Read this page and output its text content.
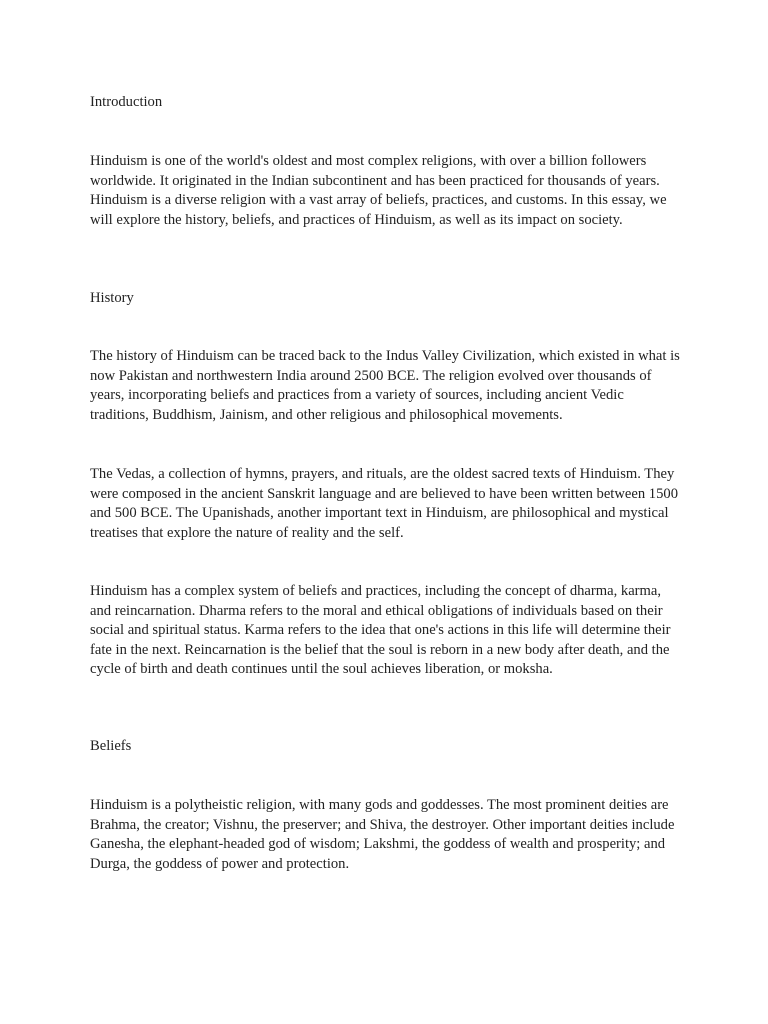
Introduction

Hinduism is one of the world's oldest and most complex religions, with over a billion followers worldwide. It originated in the Indian subcontinent and has been practiced for thousands of years. Hinduism is a diverse religion with a vast array of beliefs, practices, and customs. In this essay, we will explore the history, beliefs, and practices of Hinduism, as well as its impact on society.

History

The history of Hinduism can be traced back to the Indus Valley Civilization, which existed in what is now Pakistan and northwestern India around 2500 BCE. The religion evolved over thousands of years, incorporating beliefs and practices from a variety of sources, including ancient Vedic traditions, Buddhism, Jainism, and other religious and philosophical movements.

The Vedas, a collection of hymns, prayers, and rituals, are the oldest sacred texts of Hinduism. They were composed in the ancient Sanskrit language and are believed to have been written between 1500 and 500 BCE. The Upanishads, another important text in Hinduism, are philosophical and mystical treatises that explore the nature of reality and the self.

Hinduism has a complex system of beliefs and practices, including the concept of dharma, karma, and reincarnation. Dharma refers to the moral and ethical obligations of individuals based on their social and spiritual status. Karma refers to the idea that one's actions in this life will determine their fate in the next. Reincarnation is the belief that the soul is reborn in a new body after death, and the cycle of birth and death continues until the soul achieves liberation, or moksha.

Beliefs

Hinduism is a polytheistic religion, with many gods and goddesses. The most prominent deities are Brahma, the creator; Vishnu, the preserver; and Shiva, the destroyer. Other important deities include Ganesha, the elephant-headed god of wisdom; Lakshmi, the goddess of wealth and prosperity; and Durga, the goddess of power and protection.
